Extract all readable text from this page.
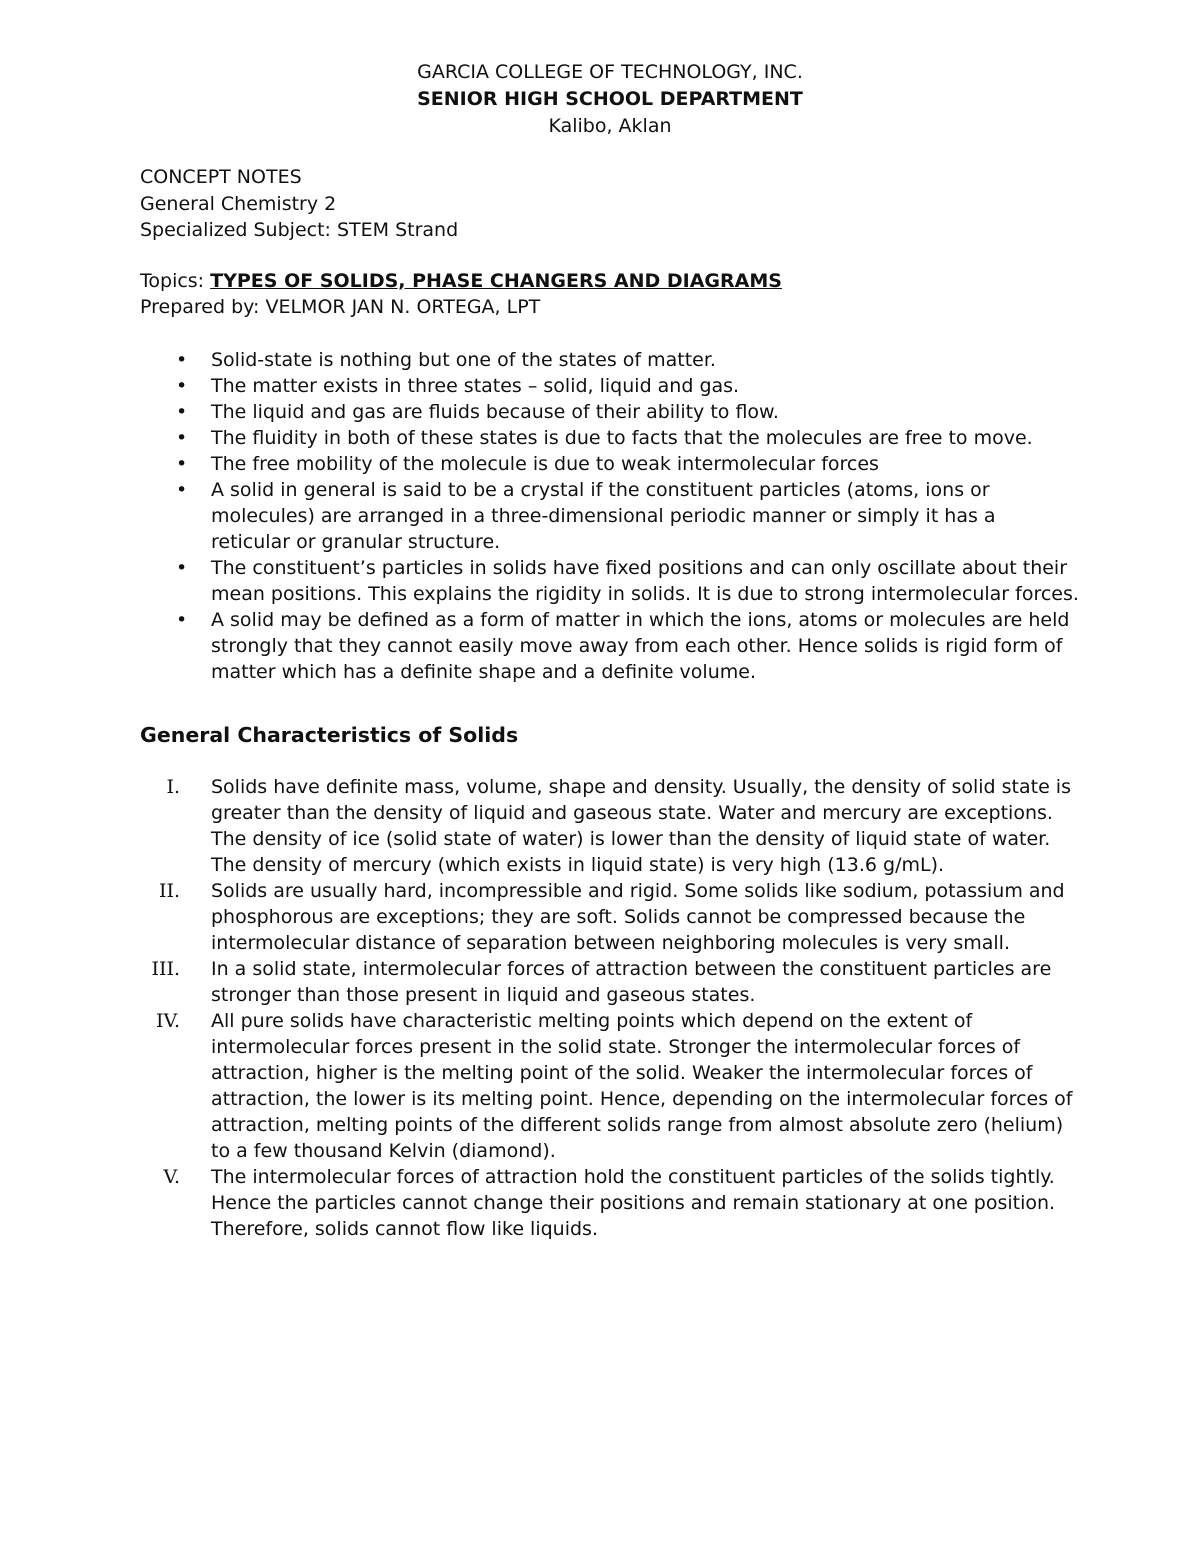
GARCIA COLLEGE OF TECHNOLOGY, INC.

SENIOR HIGH SCHOOL DEPARTMENT

Kalibo, Aklan

CONCEPT NOTES

General Chemistry 2

Specialized Subject: STEM Strand

Topics: TYPES OF SOLIDS, PHASE CHANGERS AND DIAGRAMS

Prepared by: VELMOR JAN N. ORTEGA, LPT

• Solid-state is nothing but one of the states of matter.
• The matter exists in three states – solid, liquid and gas.
• The liquid and gas are fluids because of their ability to flow.
• The fluidity in both of these states is due to facts that the molecules are free to move.
• The free mobility of the molecule is due to weak intermolecular forces
• A solid in general is said to be a crystal if the constituent particles (atoms, ions or molecules) are arranged in a three-dimensional periodic manner or simply it has a reticular or granular structure.
• The constituent’s particles in solids have fixed positions and can only oscillate about their mean positions. This explains the rigidity in solids. It is due to strong intermolecular forces.
• A solid may be defined as a form of matter in which the ions, atoms or molecules are held strongly that they cannot easily move away from each other. Hence solids is rigid form of matter which has a definite shape and a definite volume.
General Characteristics of Solids
I. Solids have definite mass, volume, shape and density. Usually, the density of solid state is greater than the density of liquid and gaseous state. Water and mercury are exceptions. The density of ice (solid state of water) is lower than the density of liquid state of water. The density of mercury (which exists in liquid state) is very high (13.6 g/mL).
II. Solids are usually hard, incompressible and rigid. Some solids like sodium, potassium and phosphorous are exceptions; they are soft. Solids cannot be compressed because the intermolecular distance of separation between neighboring molecules is very small.
III. In a solid state, intermolecular forces of attraction between the constituent particles are stronger than those present in liquid and gaseous states.
IV. All pure solids have characteristic melting points which depend on the extent of intermolecular forces present in the solid state. Stronger the intermolecular forces of attraction, higher is the melting point of the solid. Weaker the intermolecular forces of attraction, the lower is its melting point. Hence, depending on the intermolecular forces of attraction, melting points of the different solids range from almost absolute zero (helium) to a few thousand Kelvin (diamond).
V. The intermolecular forces of attraction hold the constituent particles of the solids tightly. Hence the particles cannot change their positions and remain stationary at one position. Therefore, solids cannot flow like liquids.
